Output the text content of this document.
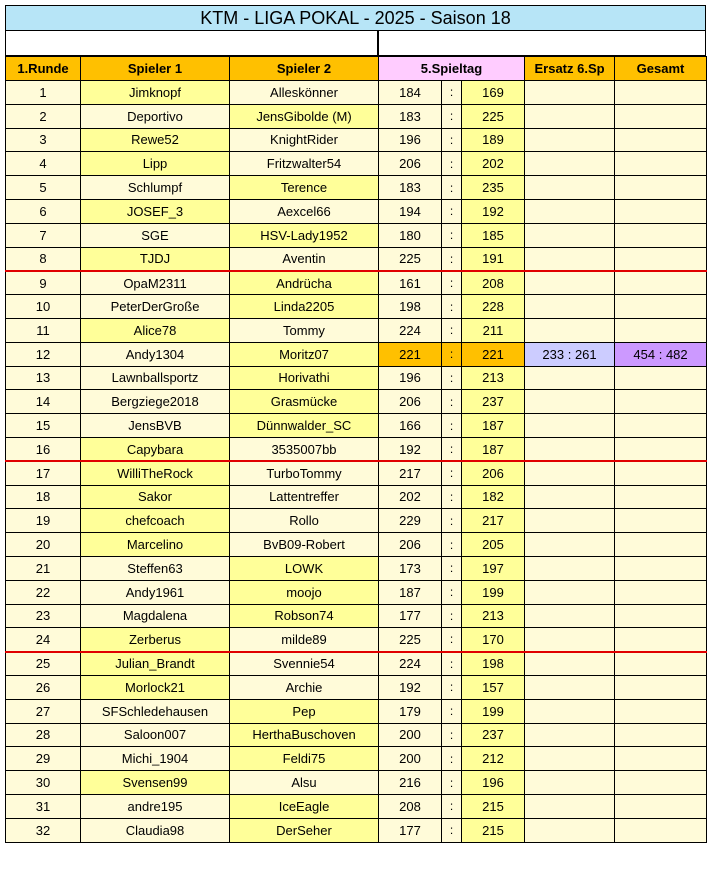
KTM - LIGA POKAL - 2025 - Saison 18
1.Runde	Spieler 1	Spieler 2	5.Spieltag			Ersatz 6.Sp	Gesamt
1	Jimknopf	Alleskönner	184	:	169		
2	Deportivo	JensGibolde (M)	183	:	225		
3	Rewe52	KnightRider	196	:	189		
4	Lipp	Fritzwalter54	206	:	202		
5	Schlumpf	Terence	183	:	235		
6	JOSEF_3	Aexcel66	194	:	192		
7	SGE	HSV-Lady1952	180	:	185		
8	TJDJ	Aventin	225	:	191		
9	OpaM2311	Andrücha	161	:	208		
10	PeterDerGroße	Linda2205	198	:	228		
11	Alice78	Tommy	224	:	211		
12	Andy1304	Moritz07	221	:	221	233 : 261	454 : 482
13	Lawnballsportz	Horivathi	196	:	213		
14	Bergziege2018	Grasmücke	206	:	237		
15	JensBVB	Dünnwalder_SC	166	:	187		
16	Capybara	3535007bb	192	:	187		
17	WilliTheRock	TurboTommy	217	:	206		
18	Sakor	Lattentreffer	202	:	182		
19	chefcoach	Rollo	229	:	217		
20	Marcelino	BvB09-Robert	206	:	205		
21	Steffen63	LOWK	173	:	197		
22	Andy1961	moojo	187	:	199		
23	Magdalena	Robson74	177	:	213		
24	Zerberus	milde89	225	:	170		
25	Julian_Brandt	Svennie54	224	:	198		
26	Morlock21	Archie	192	:	157		
27	SFSchledehausen	Pep	179	:	199		
28	Saloon007	HerthaBuschoven	200	:	237		
29	Michi_1904	Feldi75	200	:	212		
30	Svensen99	Alsu	216	:	196		
31	andre195	IceEagle	208	:	215		
32	Claudia98	DerSeher	177	:	215		
